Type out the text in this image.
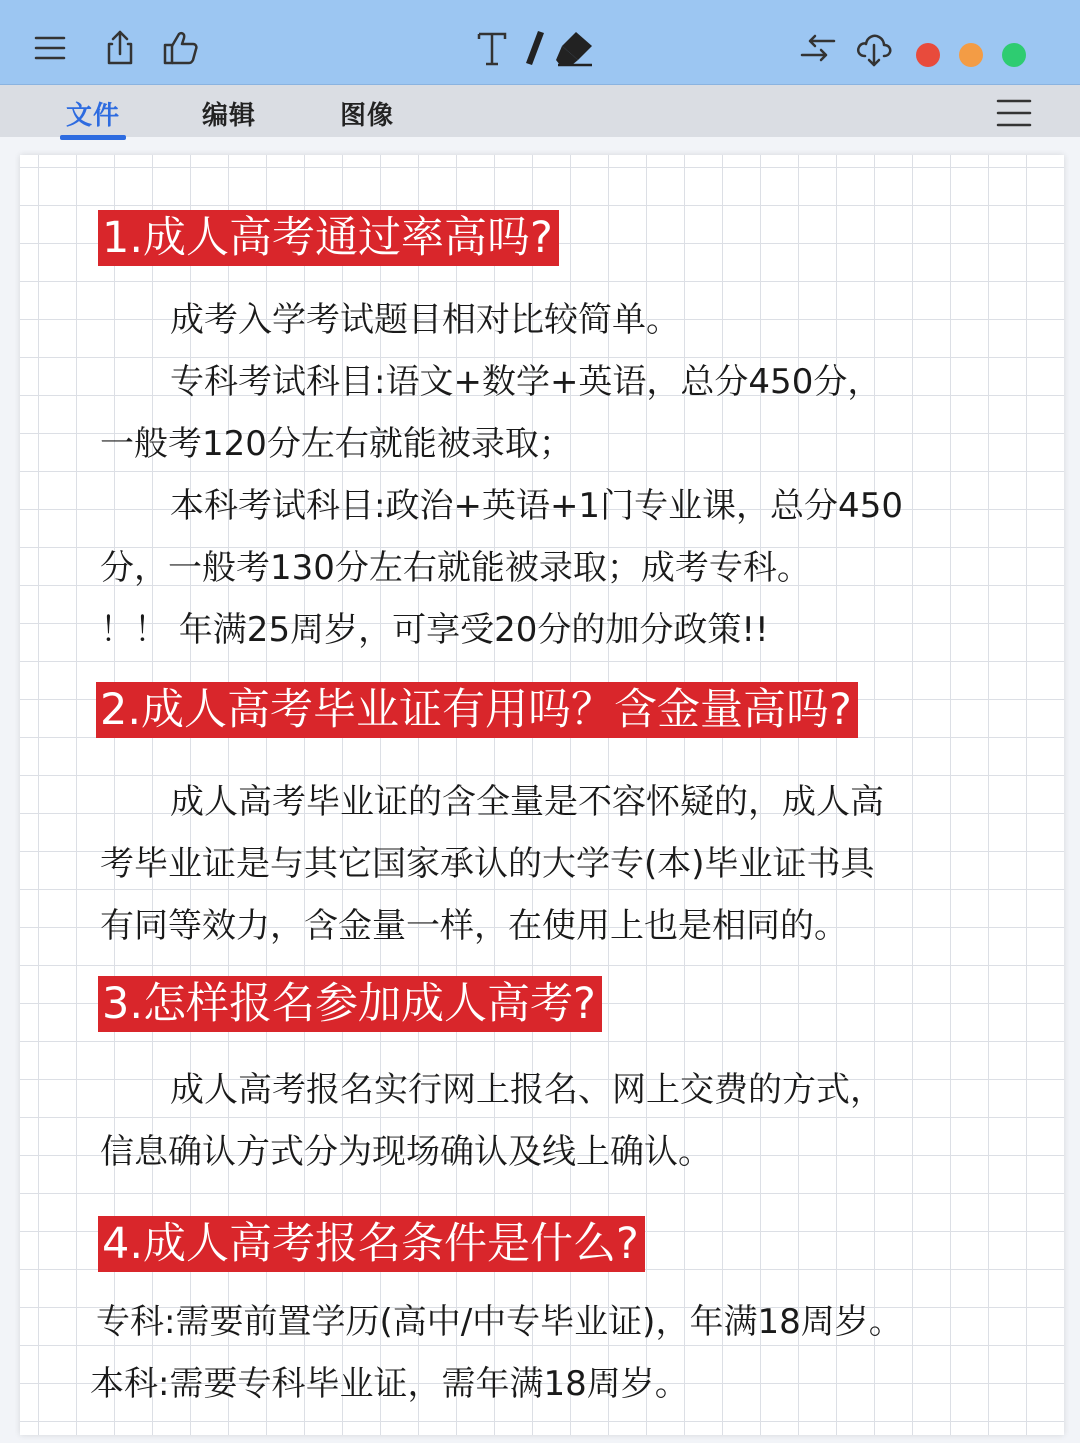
文件	编辑	图像
1.成人高考通过率高吗?
成考入学考试题目相对比较简单。
专科考试科目:语文+数学+英语，总分450分，
一般考120分左右就能被录取；
本科考试科目:政治+英语+1门专业课，总分450
分，一般考130分左右就能被录取；成考专科。
！！ 年满25周岁，可享受20分的加分政策!!
2.成人高考毕业证有用吗？含金量高吗?
成人高考毕业证的含全量是不容怀疑的，成人高
考毕业证是与其它国家承认的大学专(本)毕业证书具
有同等效力，含金量一样，在使用上也是相同的。
3.怎样报名参加成人高考?
成人高考报名实行网上报名、网上交费的方式，
信息确认方式分为现场确认及线上确认。
4.成人高考报名条件是什么?
专科:需要前置学历(高中/中专毕业证)，年满18周岁。
本科:需要专科毕业证，需年满18周岁。
